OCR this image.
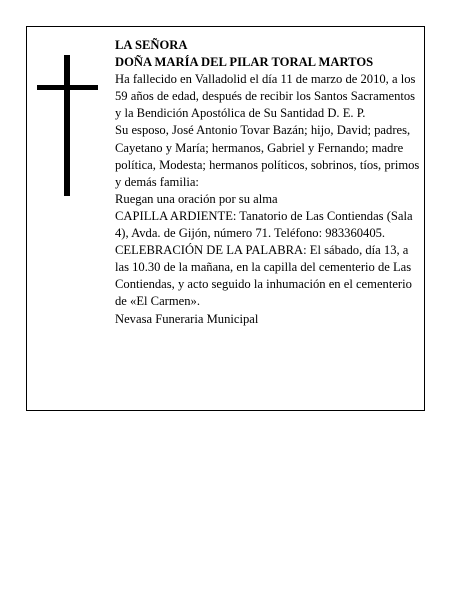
LA SEÑORA

DOÑA MARÍA DEL PILAR TORAL MARTOS

Ha fallecido en Valladolid el día 11 de marzo de 2010, a los 59 años de edad, después de recibir los Santos Sacramentos y la Bendición Apostólica de Su Santidad D. E. P.

Su esposo, José Antonio Tovar Bazán; hijo, David; padres, Cayetano y María; hermanos, Gabriel y Fernando; madre política, Modesta; hermanos políticos, sobrinos, tíos, primos y demás familia:

Ruegan una oración por su alma

CAPILLA ARDIENTE: Tanatorio de Las Contiendas (Sala 4), Avda. de Gijón, número 71. Teléfono: 983360405.

CELEBRACIÓN DE LA PALABRA: El sábado, día 13, a las 10.30 de la mañana, en la capilla del cementerio de Las Contiendas, y acto seguido la inhumación en el cementerio de «El Carmen».

Nevasa Funeraria Municipal
